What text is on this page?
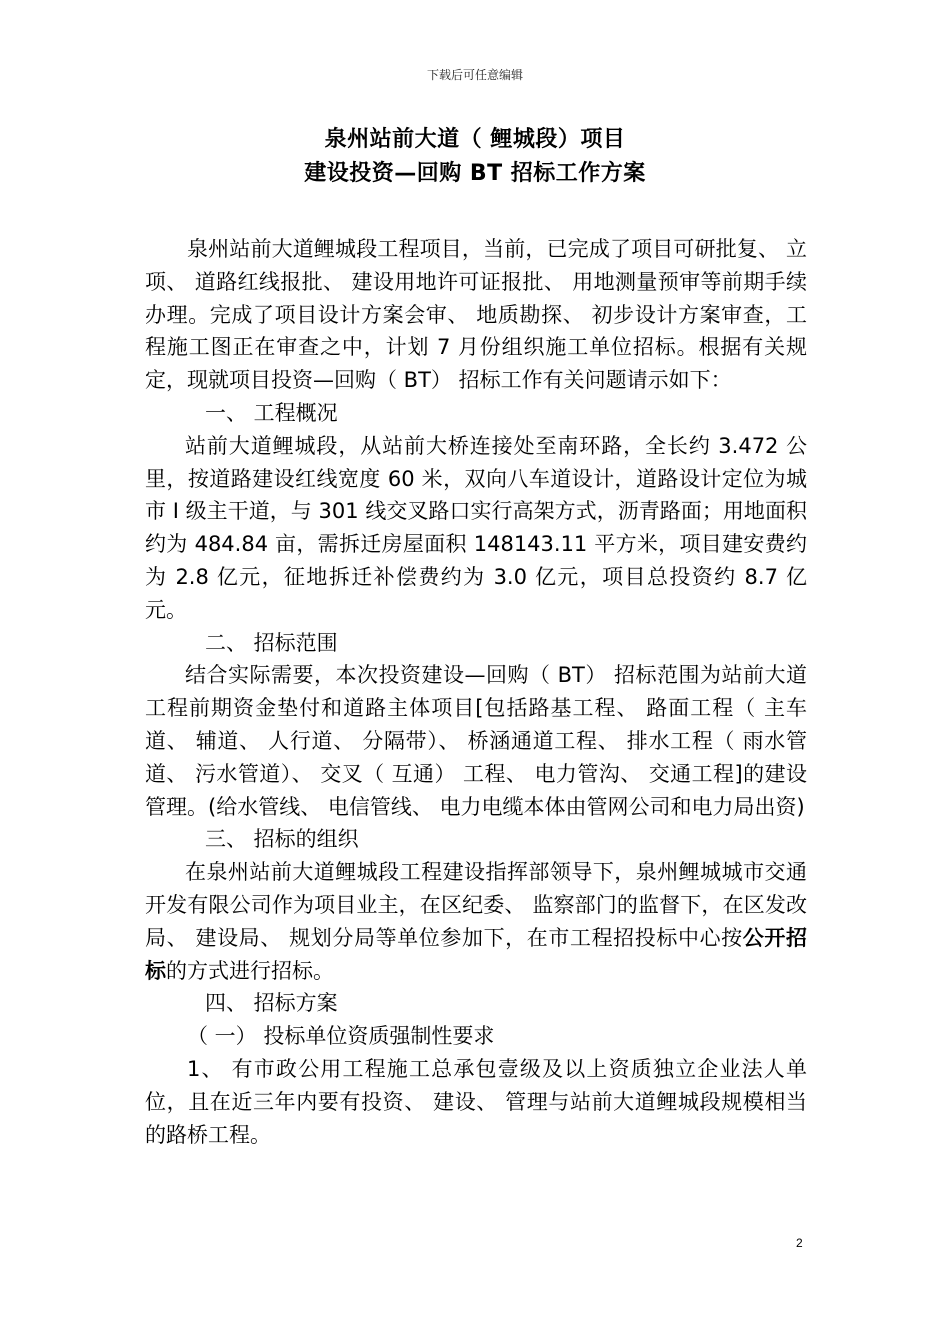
下载后可任意编辑
泉州站前大道（ 鲤城段）项目
建设投资—回购 BT 招标工作方案

泉州站前大道鲤城段工程项目，当前，已完成了项目可研批复、 立项、 道路红线报批、 建设用地许可证报批、 用地测量预审等前期手续办理。完成了项目设计方案会审、 地质勘探、 初步设计方案审查，工程施工图正在审查之中，计划 7 月份组织施工单位招标。根据有关规定，现就项目投资—回购（ BT） 招标工作有关问题请示如下：

一、 工程概况

站前大道鲤城段，从站前大桥连接处至南环路，全长约 3.472 公里，按道路建设红线宽度 60 米，双向八车道设计，道路设计定位为城市 I 级主干道，与 301 线交叉路口实行高架方式，沥青路面；用地面积约为 484.84 亩，需拆迁房屋面积 148143.11 平方米，项目建安费约为 2.8 亿元，征地拆迁补偿费约为 3.0 亿元，项目总投资约 8.7 亿元。

二、 招标范围

结合实际需要，本次投资建设—回购（ BT） 招标范围为站前大道工程前期资金垫付和道路主体项目[包括路基工程、 路面工程（ 主车道、 辅道、 人行道、 分隔带）、 桥涵通道工程、 排水工程（ 雨水管道、 污水管道）、 交叉（ 互通） 工程、 电力管沟、 交通工程]的建设管理。(给水管线、 电信管线、 电力电缆本体由管网公司和电力局出资)

三、 招标的组织

在泉州站前大道鲤城段工程建设指挥部领导下，泉州鲤城城市交通开发有限公司作为项目业主，在区纪委、 监察部门的监督下，在区发改局、 建设局、 规划分局等单位参加下，在市工程招投标中心按公开招标的方式进行招标。

四、 招标方案

（ 一） 投标单位资质强制性要求

1、 有市政公用工程施工总承包壹级及以上资质独立企业法人单位，且在近三年内要有投资、 建设、 管理与站前大道鲤城段规模相当的路桥工程。

2
